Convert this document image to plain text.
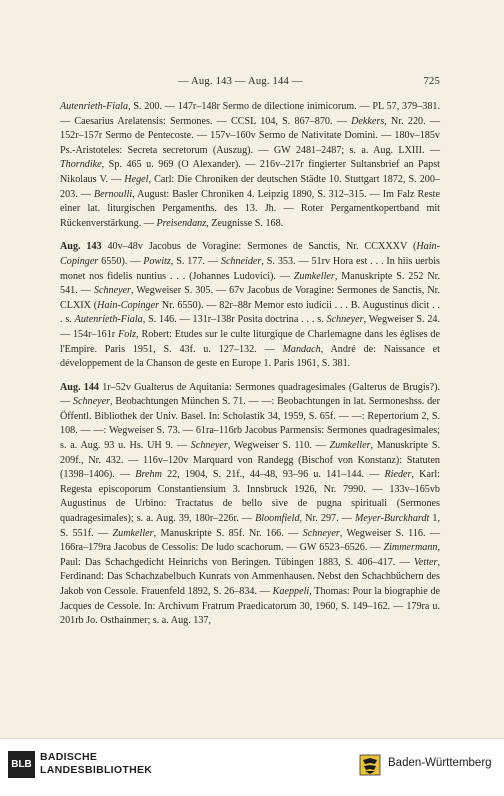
— Aug. 143 — Aug. 144 —	725

Autenrieth-Fiala, S. 200. — 147r–148r Sermo de dilectione inimicorum. — PL 57, 379–381. — Caesarius Arelatensis: Sermones. — CCSL 104, S. 867–870. — Dekkers, Nr. 220. — 152r–157r Sermo de Pentecoste. — 157v–160v Sermo de Nativitate Domini. — 180v–185v Ps.-Aristoteles: Secreta secretorum (Auszug). — GW 2481–2487; s. a. Aug. LXIII. — Thorndike, Sp. 465 u. 969 (O Alexander). — 216v–217r fingierter Sultansbrief an Papst Nikolaus V. — Hegel, Carl: Die Chroniken der deutschen Städte 10. Stuttgart 1872, S. 200–203. — Bernoulli, August: Basler Chroniken 4. Leipzig 1890, S. 312–315. — Im Falz Reste einer lat. liturgischen Pergamenths. des 13. Jh. — Roter Pergamentkopertband mit Rückenverstärkung. — Preisendanz, Zeugnisse S. 168.

Aug. 143 40v–48v Jacobus de Voragine: Sermones de Sanctis, Nr. CCXXXV (Hain-Copinger 6550). — Powitz, S. 177. — Schneider, S. 353. — 51rv Hora est . . . In hiis uerbis monet nos fidelis nuntius . . . (Johannes Ludovici). — Zumkeller, Manuskripte S. 252 Nr. 541. — Schneyer, Wegweiser S. 305. — 67v Jacobus de Voragine: Sermones de Sanctis, Nr. CLXIX (Hain-Copinger Nr. 6550). — 82r–88r Memor esto iudicii . . . B. Augustinus dicit . . . s. Autenrieth-Fiala, S. 146. — 131r–138r Posita doctrina . . . s. Schneyer, Wegweiser S. 24. — 154r–161r Folz, Robert: Etudes sur le culte liturgique de Charlemagne dans les églises de l'Empire. Paris 1951, S. 43f. u. 127–132. — Mandach, André de: Naissance et développement de la Chanson de geste en Europe 1. Paris 1961, S. 381.

Aug. 144 1r–52v Gualterus de Aquitania: Sermones quadragesimales (Galterus de Brugis?). — Schneyer, Beobachtungen München S. 71. — —: Beobachtungen in lat. Sermoneshss. der Öffentl. Bibliothek der Univ. Basel. In: Scholastik 34, 1959, S. 65f. — —: Repertorium 2, S. 108. — —: Wegweiser S. 73. — 61ra–116rb Jacobus Parmensis: Sermones quadragesimales; s. a. Aug. 93 u. Hs. UH 9. — Schneyer, Wegweiser S. 110. — Zumkeller, Manuskripte S. 209f., Nr. 432. — 116v–120v Marquard von Randegg (Bischof von Konstanz): Statuten (1398–1406). — Brehm 22, 1904, S. 21f., 44–48, 93–96 u. 141–144. — Rieder, Karl: Regesta episcoporum Constantiensium 3. Innsbruck 1926, Nr. 7990. — 133v–165vb Augustinus de Urbino: Tractatus de bello sive de pugna spirituali (Sermones quadragesimales); s. a. Aug. 39, 180r–226r. — Bloomfield, Nr. 297. — Meyer-Burckhardt 1, S. 551f. — Zumkeller, Manuskripte S. 85f. Nr. 166. — Schneyer, Wegweiser S. 116. — 166ra–179ra Jacobus de Cessolis: De ludo scachorum. — GW 6523–6526. — Zimmermann, Paul: Das Schachgedicht Heinrichs von Beringen. Tübingen 1883, S. 406–417. — Vetter, Ferdinand: Das Schachzabelbuch Kunrats von Ammenhausen. Nebst den Schachbüchern des Jakob von Cessole. Frauenfeld 1892, S. 26–834. — Kaeppeli, Thomas: Pour la biographie de Jacques de Cessole. In: Archivum Fratrum Praedicatorum 30, 1960, S. 149–162. — 179ra u. 201rb Jo. Osthainmer; s. a. Aug. 137,

BLB
BADISCHE
LANDESBIBLIOTHEK
Baden-Württemberg
